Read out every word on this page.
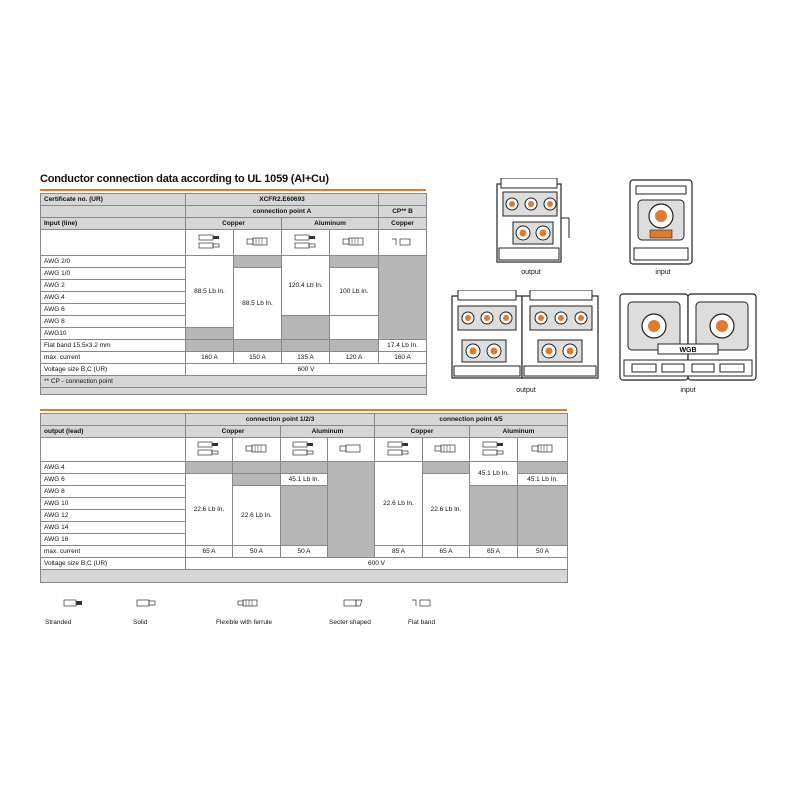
Conductor connection data according to UL 1059 (Al+Cu)
Certificate no. (UR)	XCFR2.E60693					
	connection point A				CP** B	
Input (line)	Copper		Aluminum		Copper	

AWG 2/0	88.5 Lb In.		120.4 Lb In.			
AWG 1/0		88.5 Lb In.		100 Lb In.		
AWG 2						
AWG 4						
AWG 6						
AWG 8						
AWG10						
Flat band 15.5x3.2 mm					17.4 Lb In.	
max. current	160 A	150 A	135 A	120 A	160 A	
Voltage size B,C (UR)	600 V					
** CP - connection point						

	connection point 1/2/3				connection point 4/5			
output (lead)	Copper		Aluminum		Copper		Aluminum	

AWG 4					22.6 Lb In.		45.1 Lb In.	
AWG 6	22.6 Lb In.		45.1 Lb In.			22.6 Lb In.		45.1 Lb In.
AWG 8		22.6 Lb In.						
AWG 10								
AWG 12								
AWG 14								
AWG 16								
max. current	65 A	50 A	50 A		85 A	65 A	65 A	50 A
Voltage size B,C (UR)	600 V							

Stranded	Solid	Flexible with ferrule	Secter shaped	Flat band
output	input
output
WGB
input
